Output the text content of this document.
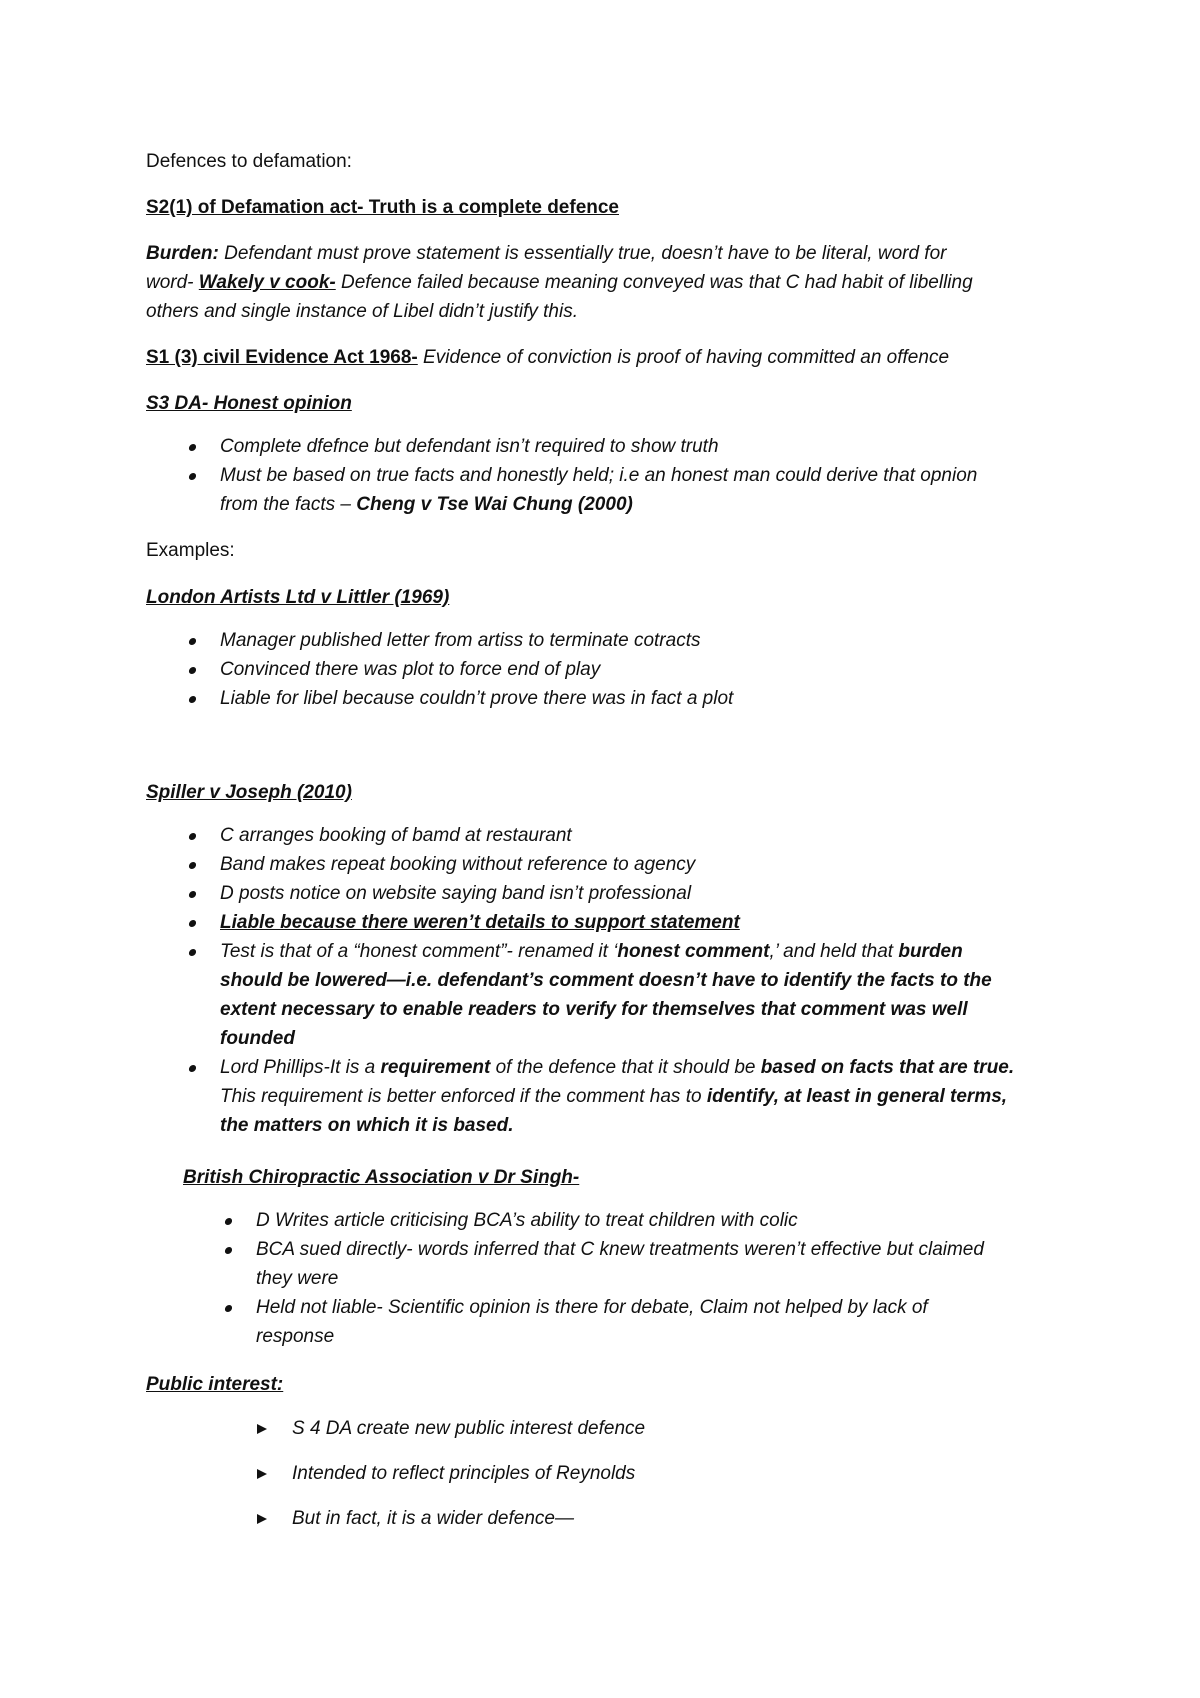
Defences to defamation:
S2(1) of Defamation act- Truth is a complete defence
Burden: Defendant must prove statement is essentially true, doesn’t have to be literal, word for
word- Wakely v cook- Defence failed because meaning conveyed was that C had habit of libelling
others and single instance of Libel didn’t justify this.
S1 (3) civil Evidence Act 1968- Evidence of conviction is proof of having committed an offence
S3 DA- Honest opinion
Complete dfefnce but defendant isn’t required to show truth
Must be based on true facts and honestly held; i.e an honest man could derive that opnion
from the facts – Cheng v Tse Wai Chung (2000)
Examples:
London Artists Ltd v Littler (1969)
Manager published letter from artiss to terminate cotracts
Convinced there was plot to force end of play
Liable for libel because couldn’t prove there was in fact a plot
Spiller v Joseph (2010)
C arranges booking of bamd at restaurant
Band makes repeat booking without reference to agency
D posts notice on website saying band isn’t professional
Liable because there weren’t details to support statement
Test is that of a “honest comment”- renamed it ‘honest comment,’ and held that burden
should be lowered—i.e. defendant’s comment doesn’t have to identify the facts to the
extent necessary to enable readers to verify for themselves that comment was well
founded
Lord Phillips-It is a requirement of the defence that it should be based on facts that are true.
This requirement is better enforced if the comment has to identify, at least in general terms,
the matters on which it is based.
British Chiropractic Association v Dr Singh-
D Writes article criticising BCA’s ability to treat children with colic
BCA sued directly- words inferred that C knew treatments weren’t effective but claimed
they were
Held not liable- Scientific opinion is there for debate, Claim not helped by lack of
response
Public interest:
S 4 DA create new public interest defence
Intended to reflect principles of Reynolds
But in fact, it is a wider defence—
